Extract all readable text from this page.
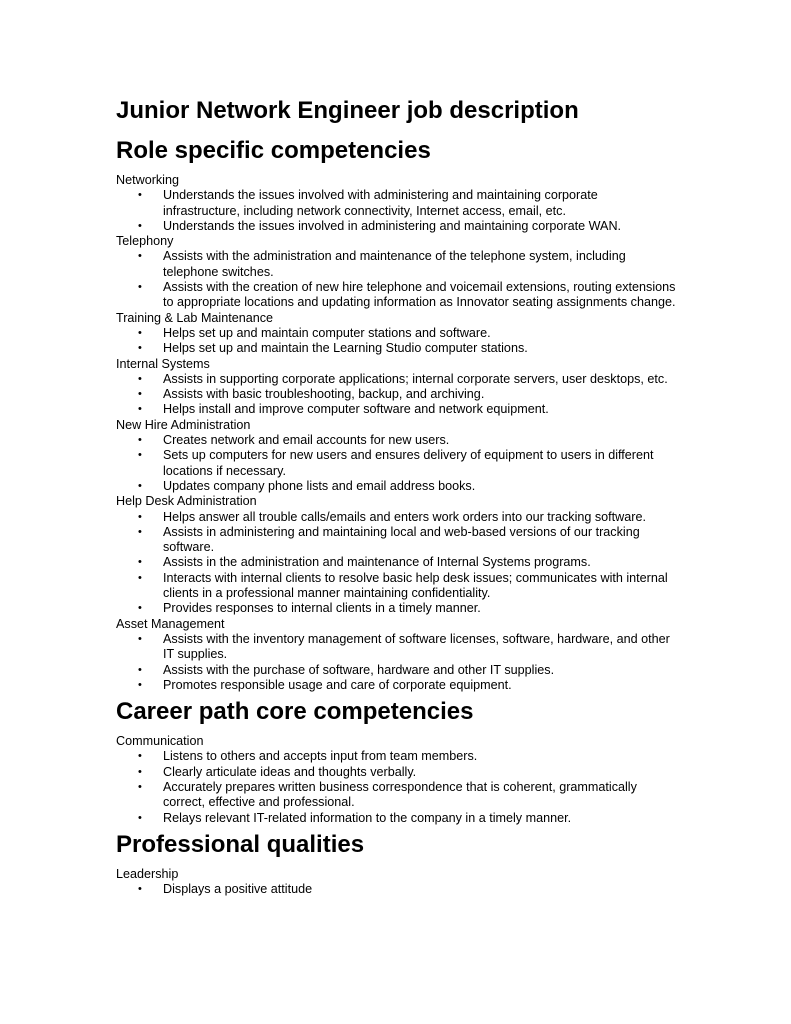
Junior Network Engineer job description
Role specific competencies

Networking

• Understands the issues involved with administering and maintaining corporate infrastructure, including network connectivity, Internet access, email, etc.
• Understands the issues involved in administering and maintaining corporate WAN.

Telephony

• Assists with the administration and maintenance of the telephone system, including telephone switches.
• Assists with the creation of new hire telephone and voicemail extensions, routing extensions to appropriate locations and updating information as Innovator seating assignments change.

Training & Lab Maintenance

• Helps set up and maintain computer stations and software.
• Helps set up and maintain the Learning Studio computer stations.

Internal Systems

• Assists in supporting corporate applications; internal corporate servers, user desktops, etc.
• Assists with basic troubleshooting, backup, and archiving.
• Helps install and improve computer software and network equipment.

New Hire Administration

• Creates network and email accounts for new users.
• Sets up computers for new users and ensures delivery of equipment to users in different locations if necessary.
• Updates company phone lists and email address books.

Help Desk Administration

• Helps answer all trouble calls/emails and enters work orders into our tracking software.
• Assists in administering and maintaining local and web-based versions of our tracking software.
• Assists in the administration and maintenance of Internal Systems programs.
• Interacts with internal clients to resolve basic help desk issues; communicates with internal clients in a professional manner maintaining confidentiality.
• Provides responses to internal clients in a timely manner.

Asset Management

• Assists with the inventory management of software licenses, software, hardware, and other IT supplies.
• Assists with the purchase of software, hardware and other IT supplies.
• Promotes responsible usage and care of corporate equipment.
Career path core competencies

Communication

• Listens to others and accepts input from team members.
• Clearly articulate ideas and thoughts verbally.
• Accurately prepares written business correspondence that is coherent, grammatically correct, effective and professional.
• Relays relevant IT-related information to the company in a timely manner.
Professional qualities

Leadership

• Displays a positive attitude
